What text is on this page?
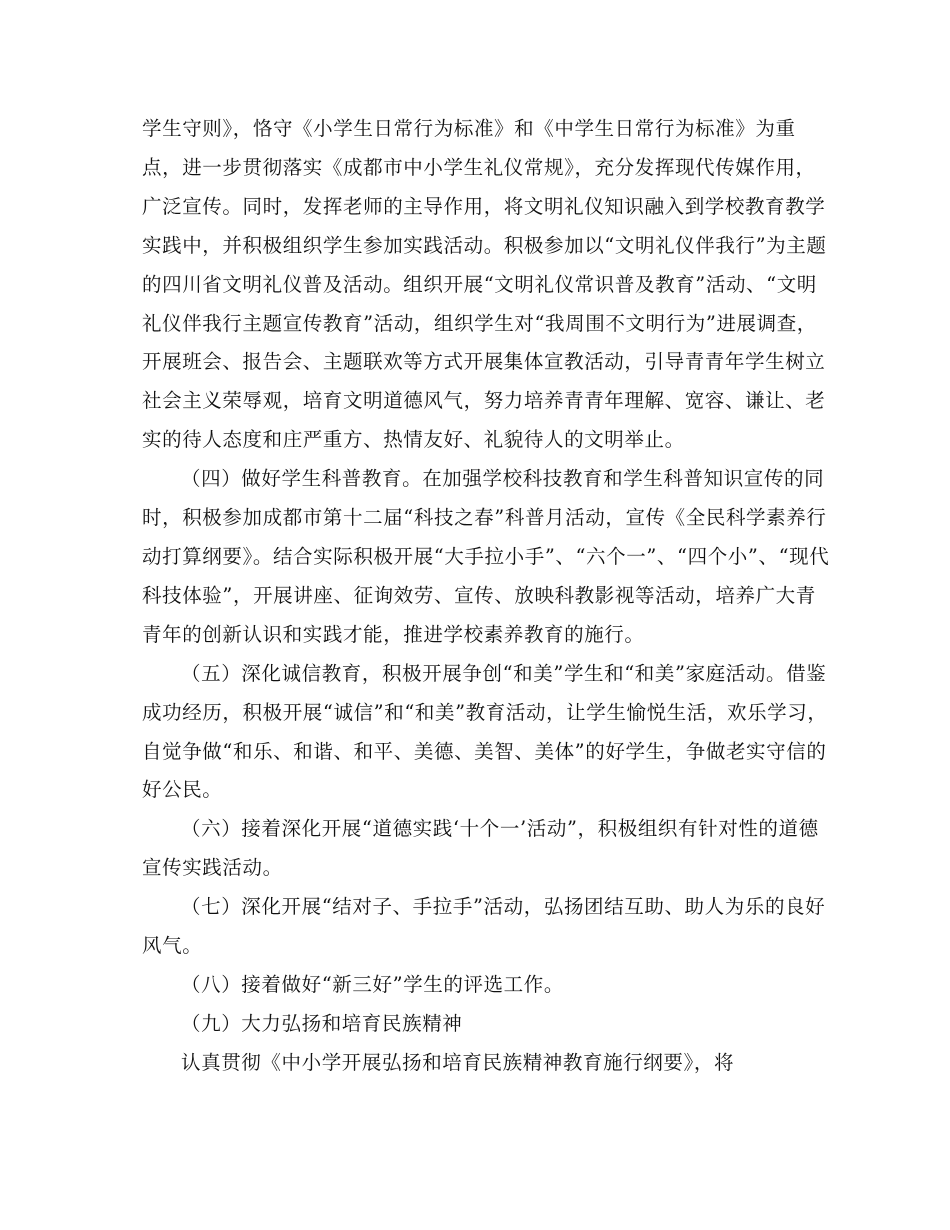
学生守则》，恪守《小学生日常行为标准》和《中学生日常行为标准》为重点，进一步贯彻落实《成都市中小学生礼仪常规》，充分发挥现代传媒作用，广泛宣传。同时，发挥老师的主导作用，将文明礼仪知识融入到学校教育教学实践中，并积极组织学生参加实践活动。积极参加以“文明礼仪伴我行”为主题的四川省文明礼仪普及活动。组织开展“文明礼仪常识普及教育”活动、“文明礼仪伴我行主题宣传教育”活动，组织学生对“我周围不文明行为”进展调查，开展班会、报告会、主题联欢等方式开展集体宣教活动，引导青青年学生树立社会主义荣辱观，培育文明道德风气，努力培养青青年理解、宽容、谦让、老实的待人态度和庄严重方、热情友好、礼貌待人的文明举止。

（四）做好学生科普教育。在加强学校科技教育和学生科普知识宣传的同时，积极参加成都市第十二届“科技之春”科普月活动，宣传《全民科学素养行动打算纲要》。结合实际积极开展“大手拉小手”、“六个一”、“四个小”、“现代科技体验”，开展讲座、征询效劳、宣传、放映科教影视等活动，培养广大青青年的创新认识和实践才能，推进学校素养教育的施行。

（五）深化诚信教育，积极开展争创“和美”学生和“和美”家庭活动。借鉴成功经历，积极开展“诚信”和“和美”教育活动，让学生愉悦生活，欢乐学习，自觉争做“和乐、和谐、和平、美德、美智、美体”的好学生，争做老实守信的好公民。

（六）接着深化开展“道德实践‘十个一’活动”，积极组织有针对性的道德宣传实践活动。

（七）深化开展“结对子、手拉手”活动，弘扬团结互助、助人为乐的良好风气。

（八）接着做好“新三好”学生的评选工作。

（九）大力弘扬和培育民族精神

认真贯彻《中小学开展弘扬和培育民族精神教育施行纲要》，将
